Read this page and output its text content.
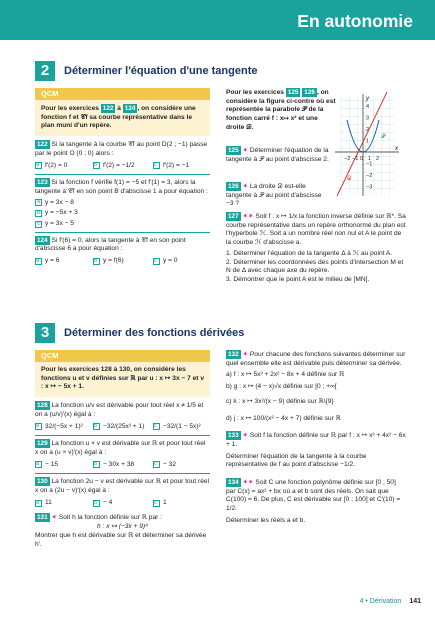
En autonomie
2	Déterminer l'équation d'une tangente
QCM
Pour les exercices 122 à 124 , on considère une fonction f et 𝒞f sa courbe représentative dans le plan muni d'un repère.
122 Si la tangente à la courbe 𝒞f au point D(2 ; −1) passe par le point O (0 ; 0) alors :
a f′(2) = 0	b f′(2) = −1/2	c f′(2) = −1
123 Si la fonction f vérifie f(1) = −5 et f′(1) = 3, alors la tangente à 𝒞f en son point B d'abscisse 1 a pour équation :
a y = 3x − 8
b y = −5x + 3
c y = 3x − 5
124 Si f′(6) = 0, alors la tangente à 𝒞f en son point d'abscisse 6 a pour équation :
a y = 6	b y = f(6)	c y = 0
Pour les exercices 125 126 , on considère la figure ci-contre où est représentée la parabole 𝒫 de la fonction carré f : x↦ x² et une droite 𝒟.
y
x
𝒫
𝒟
4
3
2
1
−1
−2
−3
−2 −1 0 1 2
125 ✶ Déterminer l'équation de la tangente à 𝒫 au point d'abscisse 2.
126 ✶ La droite 𝒟 est-elle tangente à 𝒫 au point d'abscisse −3 ?
127 ✶✶ Soit f : x ↦ 1/x la fonction inverse définie sur ℝ*. Sa courbe représentative dans un repère orthonormé du plan est l'hyperbole ℋ. Soit a un nombre réel non nul et A le point de la courbe ℋ d'abscisse a.
1. Déterminer l'équation de la tangente Δ à ℋ au point A.
2. Déterminer les coordonnées des points d'intersection M et N de Δ avec chaque axe du repère.
3. Démontrer que le point A est le milieu de [MN].
3	Déterminer des fonctions dérivées
QCM
Pour les exercices 128 à 130, on considère les fonctions u et v définies sur ℝ par u : x ↦ 3x − 7 et v : x ↦ − 5x + 1.
128 La fonction u/v est dérivable pour tout réel x ≠ 1/5 et on a (u/v)′(x) égal à :
a 32/(−5x + 1)² b −32/(25x² + 1) c −32/(1 − 5x)²
129 La fonction u × v est dérivable sur ℝ et pour tout réel x on a (u × v)′(x) égal à :
a − 15	b − 30x + 38	c − 32
130 La fonction 2u − v est dérivable sur ℝ et pour tout réel x on a (2u − v)′(x) égal à :
a 11	b − 4	c 1
131 ✶ Soit h la fonction définie sur ℝ par :
h : x ↦ (−3x + 9)⁴
Montrer que h est dérivable sur ℝ et déterminer sa dérivée h′.
132 ✶ Pour chacune des fonctions suivantes déterminer sur quel ensemble elle est dérivable puis déterminer sa dérivée.
a) f : x ↦ 5x³ + 2x² − 8x + 4 définie sur ℝ
b) g : x ↦ (4 − x)√x définie sur [0 ; +∞[
c) k : x ↦ 3x²/(x − 9) définie sur ℝ\{9}
d) j : x ↦ 100/(x² − 4x + 7) définie sur ℝ
133 ✶ Soit f la fonction définie sur ℝ par f : x ↦ x³ + 4x² − 6x + 1.
Déterminer l'équation de la tangente à la courbe représentative de f au point d'abscisse −1/2.
134 ✶✶ Soit C une fonction polynôme définie sur [0 ; 50] par C(x) = ax² + bx où a et b sont des réels. On sait que C(100) = 6. De plus, C est dérivable sur [0 ; 100] et C′(10) = 1/2.
Déterminer les réels a et b.
4 • Dérivation 141
